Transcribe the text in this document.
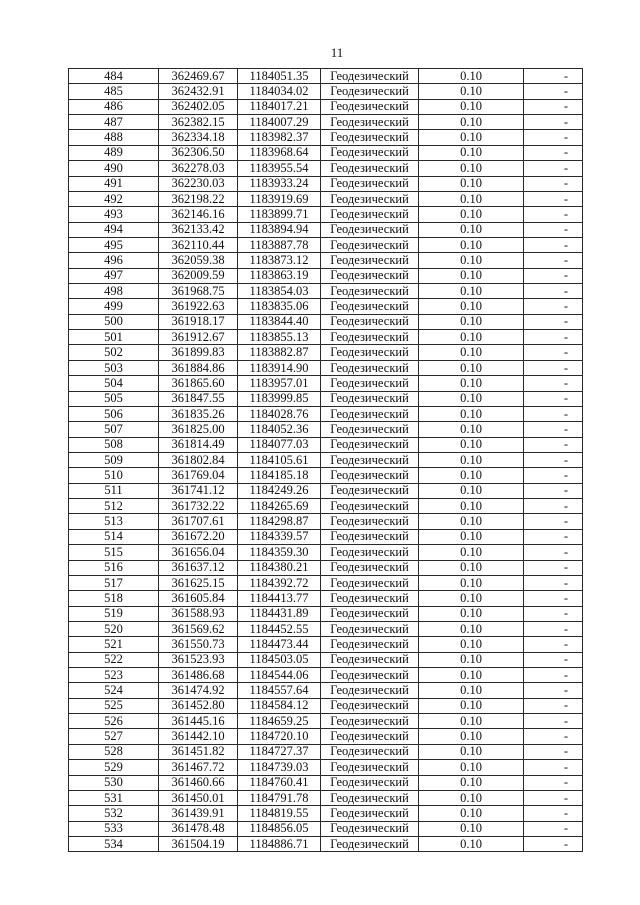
11
484	362469.67	1184051.35	Геодезический	0.10	-
485	362432.91	1184034.02	Геодезический	0.10	-
486	362402.05	1184017.21	Геодезический	0.10	-
487	362382.15	1184007.29	Геодезический	0.10	-
488	362334.18	1183982.37	Геодезический	0.10	-
489	362306.50	1183968.64	Геодезический	0.10	-
490	362278.03	1183955.54	Геодезический	0.10	-
491	362230.03	1183933.24	Геодезический	0.10	-
492	362198.22	1183919.69	Геодезический	0.10	-
493	362146.16	1183899.71	Геодезический	0.10	-
494	362133.42	1183894.94	Геодезический	0.10	-
495	362110.44	1183887.78	Геодезический	0.10	-
496	362059.38	1183873.12	Геодезический	0.10	-
497	362009.59	1183863.19	Геодезический	0.10	-
498	361968.75	1183854.03	Геодезический	0.10	-
499	361922.63	1183835.06	Геодезический	0.10	-
500	361918.17	1183844.40	Геодезический	0.10	-
501	361912.67	1183855.13	Геодезический	0.10	-
502	361899.83	1183882.87	Геодезический	0.10	-
503	361884.86	1183914.90	Геодезический	0.10	-
504	361865.60	1183957.01	Геодезический	0.10	-
505	361847.55	1183999.85	Геодезический	0.10	-
506	361835.26	1184028.76	Геодезический	0.10	-
507	361825.00	1184052.36	Геодезический	0.10	-
508	361814.49	1184077.03	Геодезический	0.10	-
509	361802.84	1184105.61	Геодезический	0.10	-
510	361769.04	1184185.18	Геодезический	0.10	-
511	361741.12	1184249.26	Геодезический	0.10	-
512	361732.22	1184265.69	Геодезический	0.10	-
513	361707.61	1184298.87	Геодезический	0.10	-
514	361672.20	1184339.57	Геодезический	0.10	-
515	361656.04	1184359.30	Геодезический	0.10	-
516	361637.12	1184380.21	Геодезический	0.10	-
517	361625.15	1184392.72	Геодезический	0.10	-
518	361605.84	1184413.77	Геодезический	0.10	-
519	361588.93	1184431.89	Геодезический	0.10	-
520	361569.62	1184452.55	Геодезический	0.10	-
521	361550.73	1184473.44	Геодезический	0.10	-
522	361523.93	1184503.05	Геодезический	0.10	-
523	361486.68	1184544.06	Геодезический	0.10	-
524	361474.92	1184557.64	Геодезический	0.10	-
525	361452.80	1184584.12	Геодезический	0.10	-
526	361445.16	1184659.25	Геодезический	0.10	-
527	361442.10	1184720.10	Геодезический	0.10	-
528	361451.82	1184727.37	Геодезический	0.10	-
529	361467.72	1184739.03	Геодезический	0.10	-
530	361460.66	1184760.41	Геодезический	0.10	-
531	361450.01	1184791.78	Геодезический	0.10	-
532	361439.91	1184819.55	Геодезический	0.10	-
533	361478.48	1184856.05	Геодезический	0.10	-
534	361504.19	1184886.71	Геодезический	0.10	-
